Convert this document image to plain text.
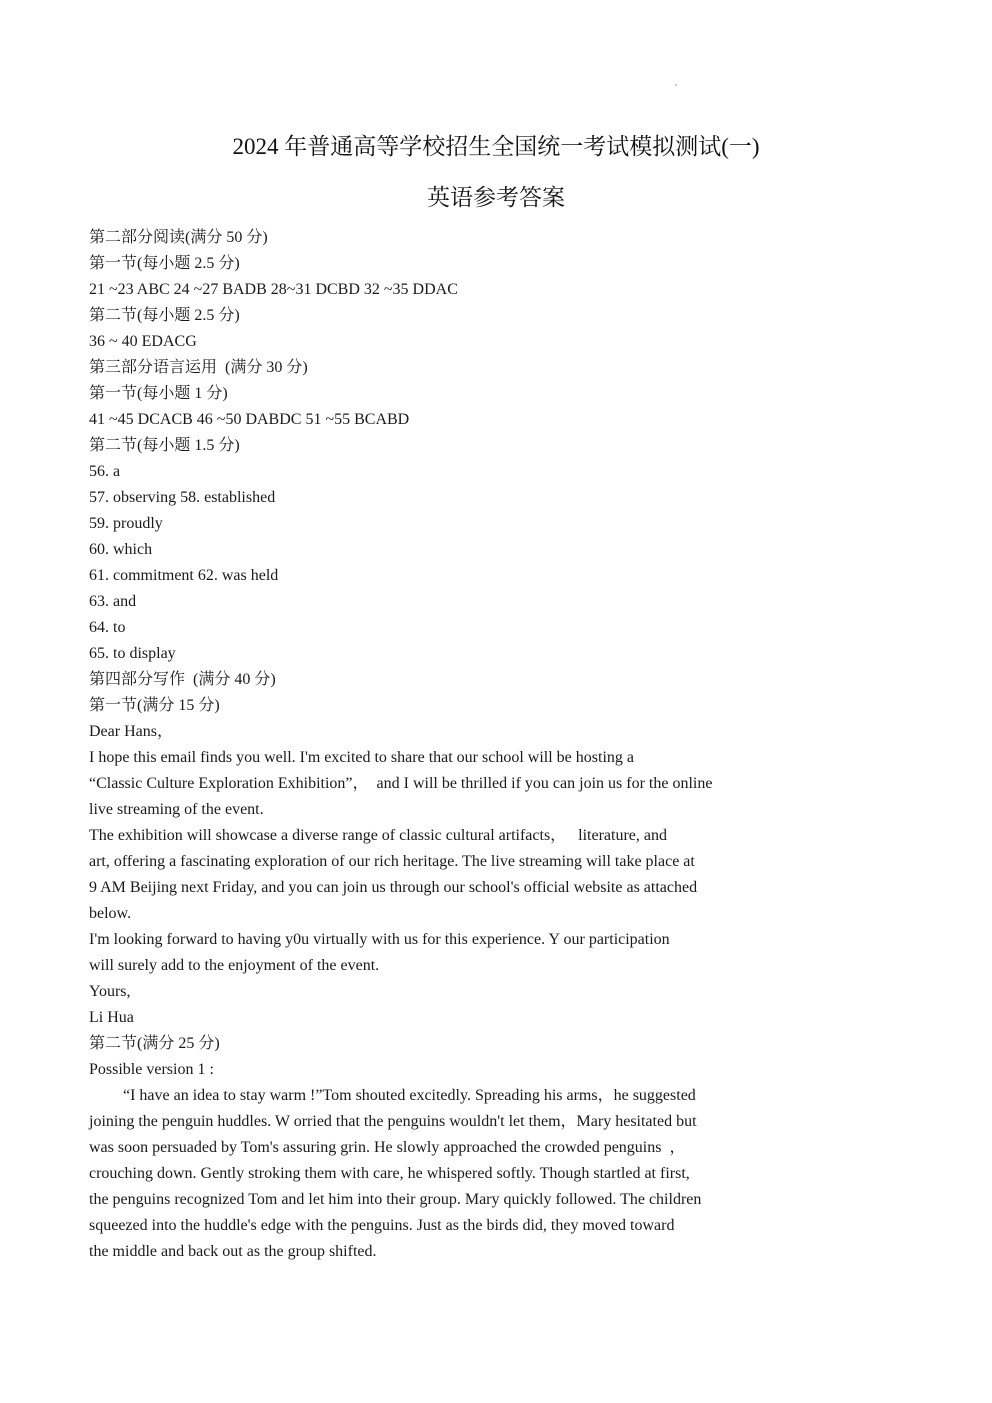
2024 年普通高等学校招生全国统一考试模拟测试(一)
英语参考答案
第二部分阅读(满分 50 分)
第一节(每小题 2.5 分)
21 ~23 ABC 24 ~27 BADB 28~31 DCBD 32 ~35 DDAC
第二节(每小题 2.5 分)
36 ~ 40 EDACG
第三部分语言运用  (满分 30 分)
第一节(每小题 1 分)
41 ~45 DCACB 46 ~50 DABDC 51 ~55 BCABD
第二节(每小题 1.5 分)
56. a
57. observing 58. established
59. proudly
60. which
61. commitment 62. was held
63. and
64. to
65. to display
第四部分写作  (满分 40 分)
第一节(满分 15 分)
Dear Hans，
I hope this email finds you well. I'm excited to share that our school will be hosting a
“Classic Culture Exploration Exhibition”，  and I will be thrilled if you can join us for the online
live streaming of the event.
The exhibition will showcase a diverse range of classic cultural artifacts，   literature, and
art, offering a fascinating exploration of our rich heritage. The live streaming will take place at
9 AM Beijing next Friday, and you can join us through our school's official website as attached
below.
I'm looking forward to having y0u virtually with us for this experience. Y our participation
will surely add to the enjoyment of the event.
Yours,
Li Hua
第二节(满分 25 分)
Possible version 1 :
“I have an idea to stay warm !”Tom shouted excitedly. Spreading his arms，he suggested
joining the penguin huddles. W orried that the penguins wouldn't let them，Mary hesitated but
was soon persuaded by Tom's assuring grin. He slowly approached the crowded penguins  ，
crouching down. Gently stroking them with care, he whispered softly. Though startled at first,
the penguins recognized Tom and let him into their group. Mary quickly followed. The children
squeezed into the huddle's edge with the penguins. Just as the birds did, they moved toward
the middle and back out as the group shifted.
